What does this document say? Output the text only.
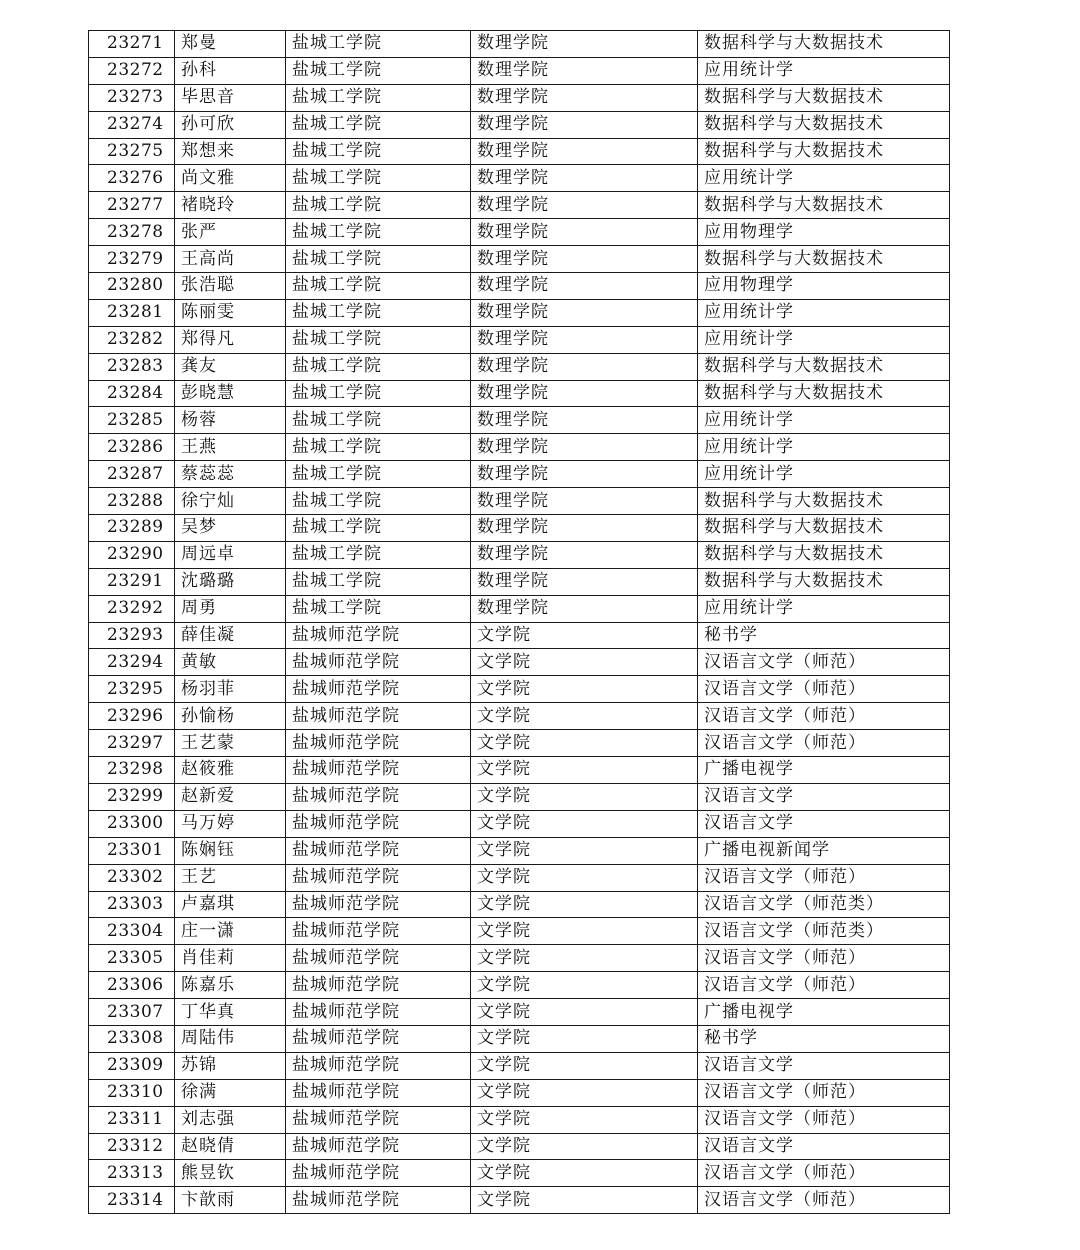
23271	郑曼	盐城工学院	数理学院	数据科学与大数据技术
23272	孙科	盐城工学院	数理学院	应用统计学
23273	毕思音	盐城工学院	数理学院	数据科学与大数据技术
23274	孙可欣	盐城工学院	数理学院	数据科学与大数据技术
23275	郑想来	盐城工学院	数理学院	数据科学与大数据技术
23276	尚文雅	盐城工学院	数理学院	应用统计学
23277	褚晓玲	盐城工学院	数理学院	数据科学与大数据技术
23278	张严	盐城工学院	数理学院	应用物理学
23279	王高尚	盐城工学院	数理学院	数据科学与大数据技术
23280	张浩聪	盐城工学院	数理学院	应用物理学
23281	陈丽雯	盐城工学院	数理学院	应用统计学
23282	郑得凡	盐城工学院	数理学院	应用统计学
23283	龚友	盐城工学院	数理学院	数据科学与大数据技术
23284	彭晓慧	盐城工学院	数理学院	数据科学与大数据技术
23285	杨蓉	盐城工学院	数理学院	应用统计学
23286	王燕	盐城工学院	数理学院	应用统计学
23287	蔡蕊蕊	盐城工学院	数理学院	应用统计学
23288	徐宁灿	盐城工学院	数理学院	数据科学与大数据技术
23289	吴梦	盐城工学院	数理学院	数据科学与大数据技术
23290	周远卓	盐城工学院	数理学院	数据科学与大数据技术
23291	沈璐璐	盐城工学院	数理学院	数据科学与大数据技术
23292	周勇	盐城工学院	数理学院	应用统计学
23293	薛佳凝	盐城师范学院	文学院	秘书学
23294	黄敏	盐城师范学院	文学院	汉语言文学（师范）
23295	杨羽菲	盐城师范学院	文学院	汉语言文学（师范）
23296	孙愉杨	盐城师范学院	文学院	汉语言文学（师范）
23297	王艺蒙	盐城师范学院	文学院	汉语言文学（师范）
23298	赵筱雅	盐城师范学院	文学院	广播电视学
23299	赵新爱	盐城师范学院	文学院	汉语言文学
23300	马万婷	盐城师范学院	文学院	汉语言文学
23301	陈娴钰	盐城师范学院	文学院	广播电视新闻学
23302	王艺	盐城师范学院	文学院	汉语言文学（师范）
23303	卢嘉琪	盐城师范学院	文学院	汉语言文学（师范类）
23304	庄一潇	盐城师范学院	文学院	汉语言文学（师范类）
23305	肖佳莉	盐城师范学院	文学院	汉语言文学（师范）
23306	陈嘉乐	盐城师范学院	文学院	汉语言文学（师范）
23307	丁华真	盐城师范学院	文学院	广播电视学
23308	周陆伟	盐城师范学院	文学院	秘书学
23309	苏锦	盐城师范学院	文学院	汉语言文学
23310	徐满	盐城师范学院	文学院	汉语言文学（师范）
23311	刘志强	盐城师范学院	文学院	汉语言文学（师范）
23312	赵晓倩	盐城师范学院	文学院	汉语言文学
23313	熊昱钦	盐城师范学院	文学院	汉语言文学（师范）
23314	卞歆雨	盐城师范学院	文学院	汉语言文学（师范）
